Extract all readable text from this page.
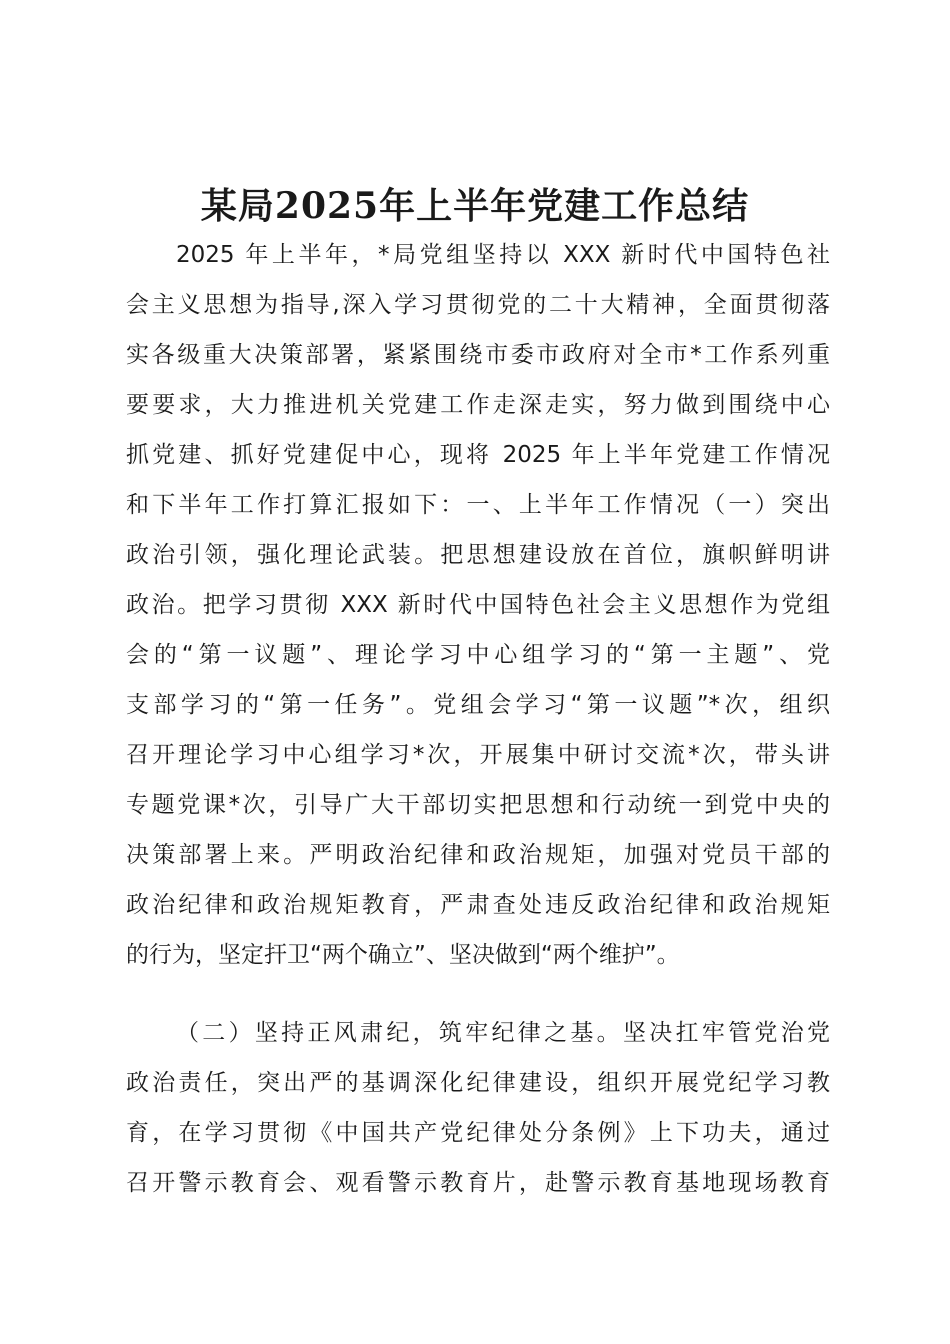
某局2025年上半年党建工作总结
2025 年上半年，*局党组坚持以 XXX 新时代中国特色社
会主义思想为指导,深入学习贯彻党的二十大精神，全面贯彻落
实各级重大决策部署，紧紧围绕市委市政府对全市*工作系列重
要要求，大力推进机关党建工作走深走实，努力做到围绕中心
抓党建、抓好党建促中心，现将 2025 年上半年党建工作情况
和下半年工作打算汇报如下：一、上半年工作情况（一）突出
政治引领，强化理论武装。把思想建设放在首位，旗帜鲜明讲
政治。把学习贯彻 XXX 新时代中国特色社会主义思想作为党组
会的“第一议题”、理论学习中心组学习的“第一主题”、党
支部学习的“第一任务”。党组会学习“第一议题”*次，组织
召开理论学习中心组学习*次，开展集中研讨交流*次，带头讲
专题党课*次，引导广大干部切实把思想和行动统一到党中央的
决策部署上来。严明政治纪律和政治规矩，加强对党员干部的
政治纪律和政治规矩教育，严肃查处违反政治纪律和政治规矩
的行为，坚定扞卫“两个确立”、坚决做到“两个维护”。
（二）坚持正风肃纪，筑牢纪律之基。坚决扛牢管党治党
政治责任，突出严的基调深化纪律建设，组织开展党纪学习教
育，在学习贯彻《中国共产党纪律处分条例》上下功夫，通过
召开警示教育会、观看警示教育片，赴警示教育基地现场教育
